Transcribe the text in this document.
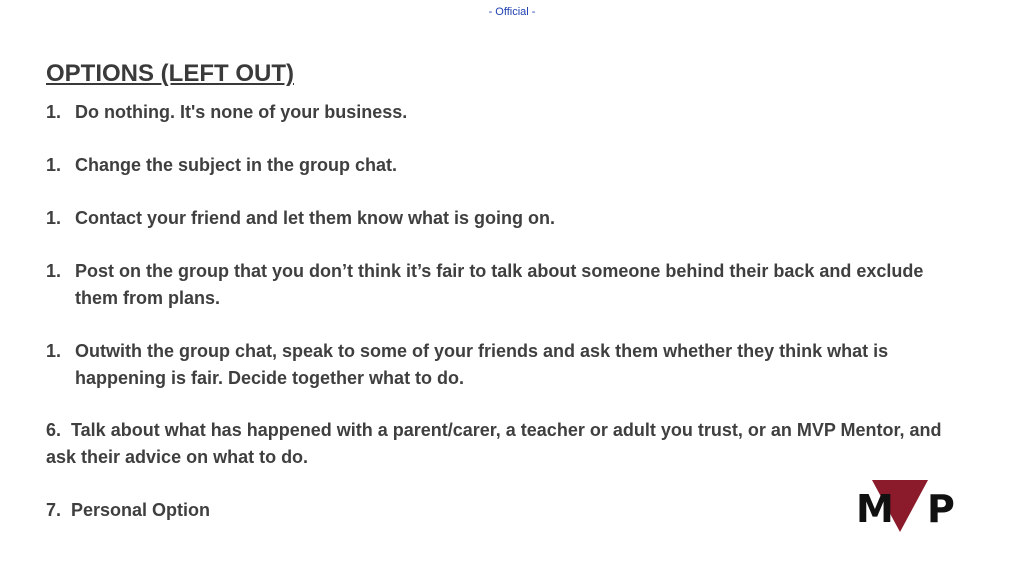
- Official -
OPTIONS (LEFT OUT)
1. Do nothing. It's none of your business.
1. Change the subject in the group chat.
1. Contact your friend and let them know what is going on.
1. Post on the group that you don’t think it’s fair to talk about someone behind their back and exclude them from plans.
1. Outwith the group chat, speak to some of your friends and ask them whether they think what is happening is fair. Decide together what to do.
6. Talk about what has happened with a parent/carer, a teacher or adult you trust, or an MVP Mentor, and ask their advice on what to do.
7. Personal Option	M P
